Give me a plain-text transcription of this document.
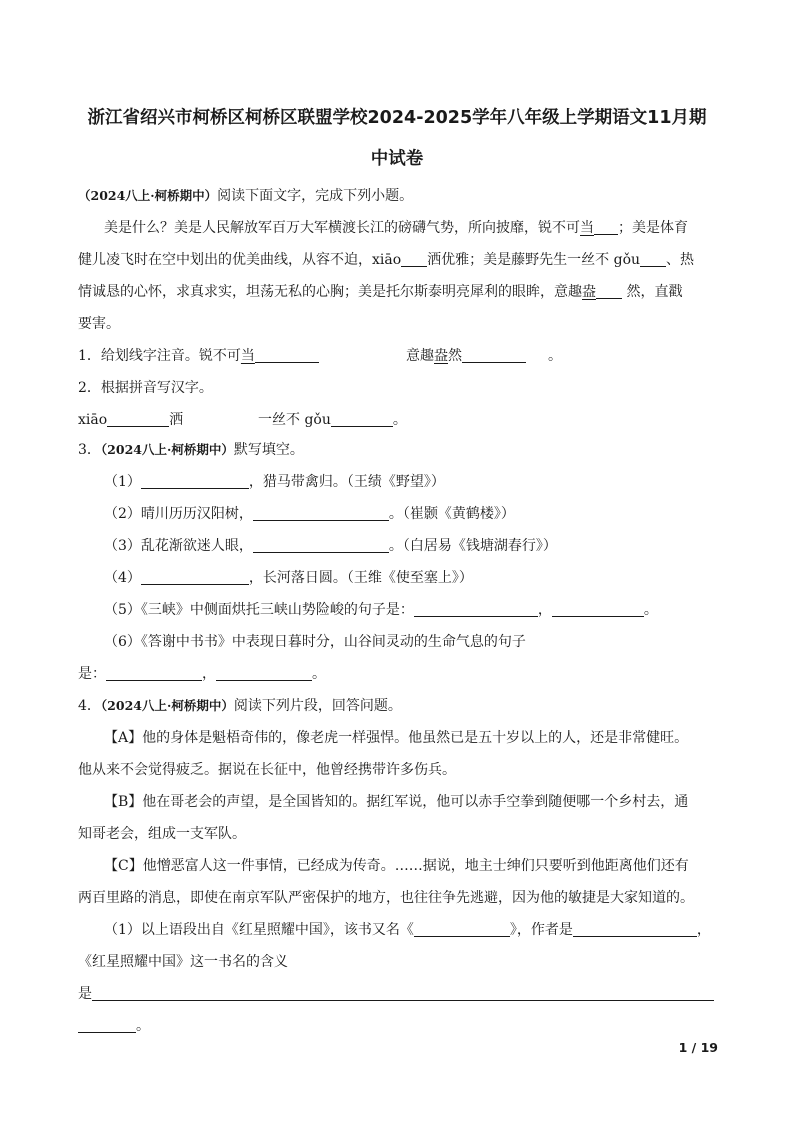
浙江省绍兴市柯桥区柯桥区联盟学校2024-2025学年八年级上学期语文11月期
中试卷
（2024八上·柯桥期中）阅读下面文字，完成下列小题。
美是什么？美是人民解放军百万大军横渡长江的磅礴气势，所向披靡，锐不可当 ；美是体育
健儿凌飞时在空中划出的优美曲线，从容不迫，xiāo 洒优雅；美是藤野先生一丝不 gǒu 、热
情诚恳的心怀，求真求实，坦荡无私的心胸；美是托尔斯泰明亮犀利的眼眸，意趣盎 然，直戳
要害。
1．给划线字注音。锐不可当	意趣盎然	。
2．根据拼音写汉字。
xiāo	洒	一丝不 gǒu	。
3．（2024八上·柯桥期中）默写填空。
（1）	，猎马带禽归。（王绩《野望》）
（2）晴川历历汉阳树，	。（崔颢《黄鹤楼》）
（3）乱花渐欲迷人眼，	。（白居易《钱塘湖春行》）
（4）	，长河落日圆。（王维《使至塞上》）
（5）《三峡》中侧面烘托三峡山势险峻的句子是：	，	。
（6）《答谢中书书》中表现日暮时分，山谷间灵动的生命气息的句子
是：	，	。
4．（2024八上·柯桥期中）阅读下列片段，回答问题。
【A】他的身体是魁梧奇伟的，像老虎一样强悍。他虽然已是五十岁以上的人，还是非常健旺。
他从来不会觉得疲乏。据说在长征中，他曾经携带许多伤兵。
【B】他在哥老会的声望，是全国皆知的。据红军说，他可以赤手空拳到随便哪一个乡村去，通
知哥老会，组成一支军队。
【C】他憎恶富人这一件事情，已经成为传奇。……据说，地主士绅们只要听到他距离他们还有
两百里路的消息，即使在南京军队严密保护的地方，也往往争先逃避，因为他的敏捷是大家知道的。
（1）以上语段出自《红星照耀中国》，该书又名《	》，作者是	，
《红星照耀中国》这一书名的含义
是
。
1 / 19
